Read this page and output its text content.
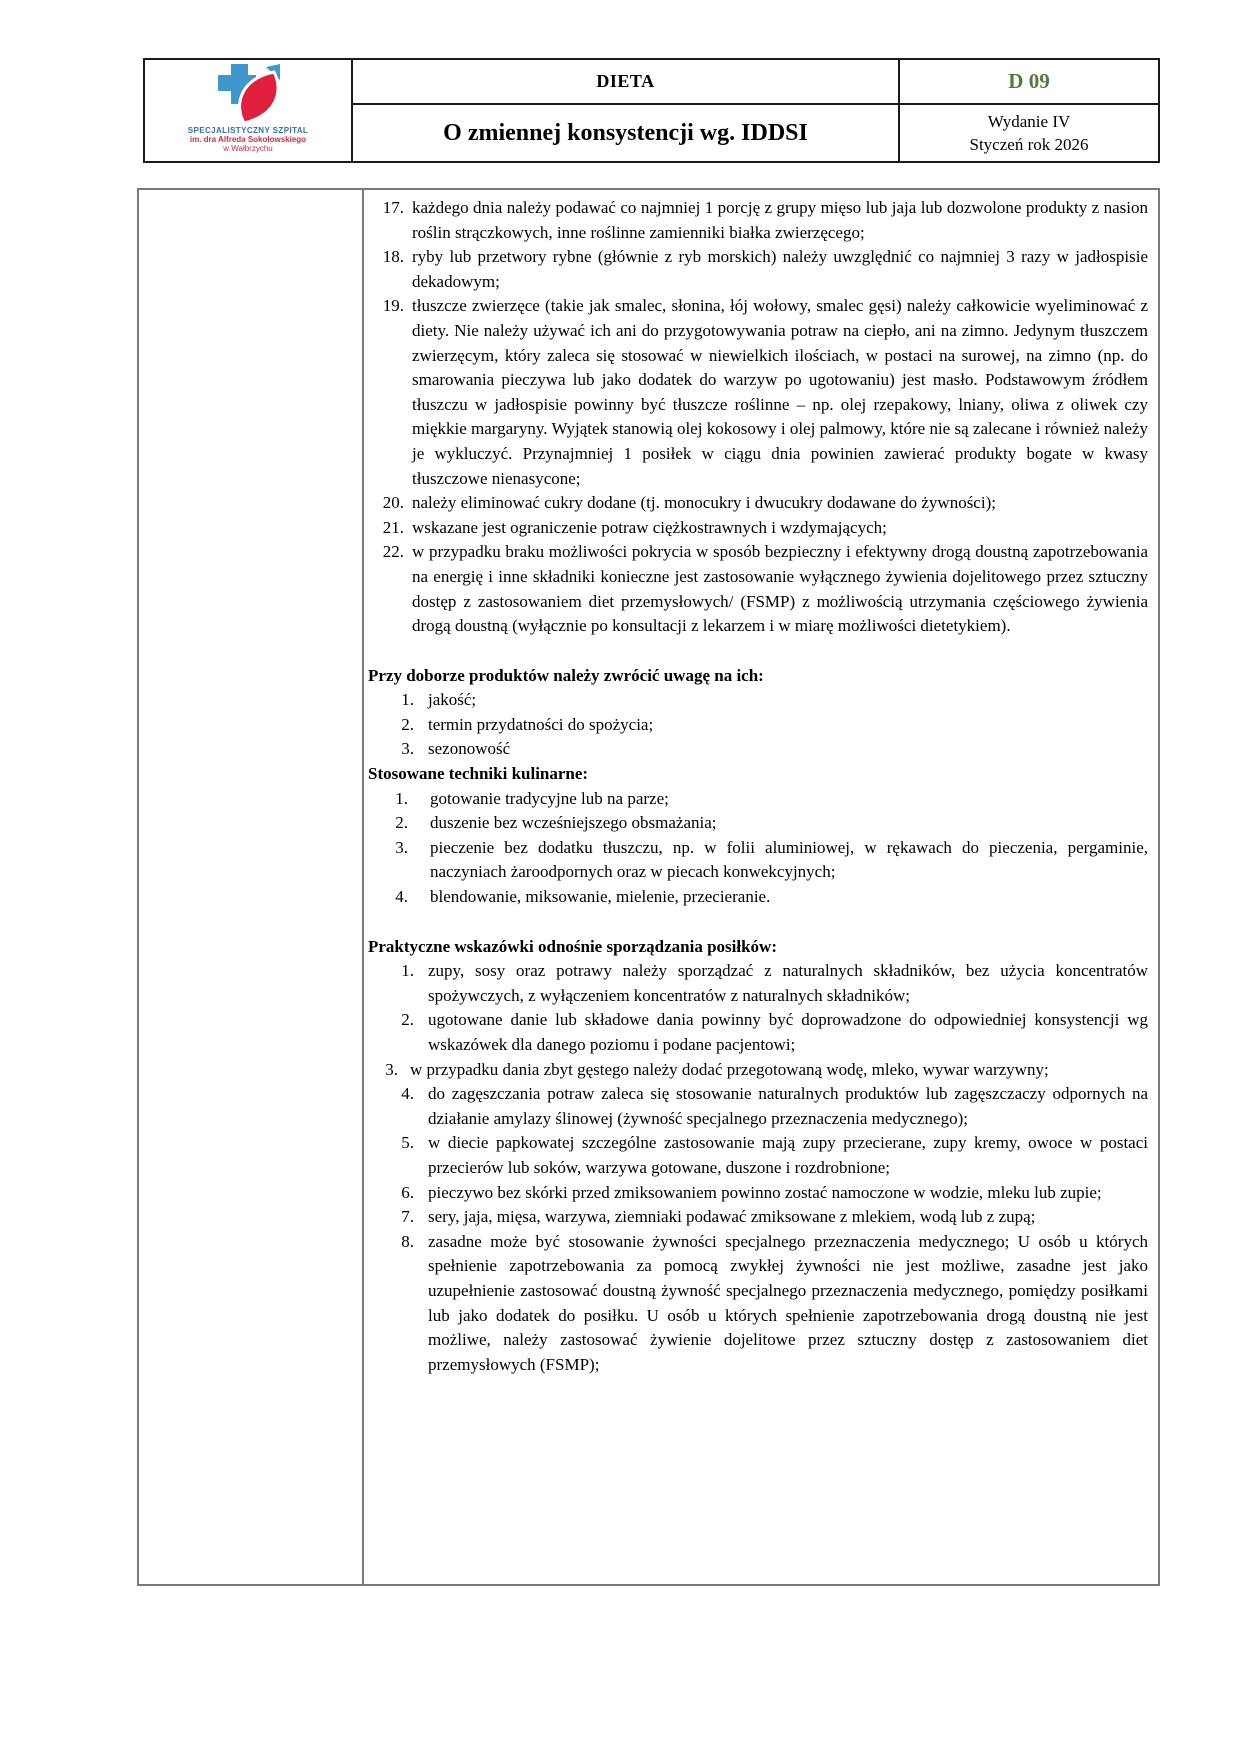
SPECJALISTYCZNY SZPITAL
im. dra Alfreda Sokołowskiego
w Wałbrzychu
DIETA	D 09
O zmiennej konsystencji wg. IDDSI	Wydanie IV
Styczeń rok 2026
17. każdego dnia należy podawać co najmniej 1 porcję z grupy mięso lub jaja lub dozwolone produkty z nasion roślin strączkowych, inne roślinne zamienniki białka zwierzęcego;
18. ryby lub przetwory rybne (głównie z ryb morskich) należy uwzględnić co najmniej 3 razy w jadłospisie dekadowym;
19. tłuszcze zwierzęce (takie jak smalec, słonina, łój wołowy, smalec gęsi) należy całkowicie wyeliminować z diety. Nie należy używać ich ani do przygotowywania potraw na ciepło, ani na zimno. Jedynym tłuszczem zwierzęcym, który zaleca się stosować w niewielkich ilościach, w postaci na surowej, na zimno (np. do smarowania pieczywa lub jako dodatek do warzyw po ugotowaniu) jest masło. Podstawowym źródłem tłuszczu w jadłospisie powinny być tłuszcze roślinne – np. olej rzepakowy, lniany, oliwa z oliwek czy miękkie margaryny. Wyjątek stanowią olej kokosowy i olej palmowy, które nie są zalecane i również należy je wykluczyć. Przynajmniej 1 posiłek w ciągu dnia powinien zawierać produkty bogate w kwasy tłuszczowe nienasycone;
20. należy eliminować cukry dodane (tj. monocukry i dwucukry dodawane do żywności);
21. wskazane jest ograniczenie potraw ciężkostrawnych i wzdymających;
22. w przypadku braku możliwości pokrycia w sposób bezpieczny i efektywny drogą doustną zapotrzebowania na energię i inne składniki konieczne jest zastosowanie wyłącznego żywienia dojelitowego przez sztuczny dostęp z zastosowaniem diet przemysłowych/ (FSMP) z możliwością utrzymania częściowego żywienia drogą doustną (wyłącznie po konsultacji z lekarzem i w miarę możliwości dietetykiem).
Przy doborze produktów należy zwrócić uwagę na ich:
1. jakość;
2. termin przydatności do spożycia;
3. sezonowość
Stosowane techniki kulinarne:
1.	gotowanie tradycyjne lub na parze;
2.	duszenie bez wcześniejszego obsmażania;
3.	pieczenie bez dodatku tłuszczu, np. w folii aluminiowej, w rękawach do pieczenia, pergaminie, naczyniach żaroodpornych oraz w piecach konwekcyjnych;
4.	blendowanie, miksowanie, mielenie, przecieranie.
Praktyczne wskazówki odnośnie sporządzania posiłków:
1. zupy, sosy oraz potrawy należy sporządzać z naturalnych składników, bez użycia koncentratów spożywczych, z wyłączeniem koncentratów z naturalnych składników;
2. ugotowane danie lub składowe dania powinny być doprowadzone do odpowiedniej konsystencji wg wskazówek dla danego poziomu i podane pacjentowi;
3. w przypadku dania zbyt gęstego należy dodać przegotowaną wodę, mleko, wywar warzywny;
4. do zagęszczania potraw zaleca się stosowanie naturalnych produktów lub zagęszczaczy odpornych na działanie amylazy ślinowej (żywność specjalnego przeznaczenia medycznego);
5. w diecie papkowatej szczególne zastosowanie mają zupy przecierane, zupy kremy, owoce w postaci przecierów lub soków, warzywa gotowane, duszone i rozdrobnione;
6. pieczywo bez skórki przed zmiksowaniem powinno zostać namoczone w wodzie, mleku lub zupie;
7. sery, jaja, mięsa, warzywa, ziemniaki podawać zmiksowane z mlekiem, wodą lub z zupą;
8. zasadne może być stosowanie żywności specjalnego przeznaczenia medycznego; U osób u których spełnienie zapotrzebowania za pomocą zwykłej żywności nie jest możliwe, zasadne jest jako uzupełnienie zastosować doustną żywność specjalnego przeznaczenia medycznego, pomiędzy posiłkami lub jako dodatek do posiłku. U osób u których spełnienie zapotrzebowania drogą doustną nie jest możliwe, należy zastosować żywienie dojelitowe przez sztuczny dostęp z zastosowaniem diet przemysłowych (FSMP);
